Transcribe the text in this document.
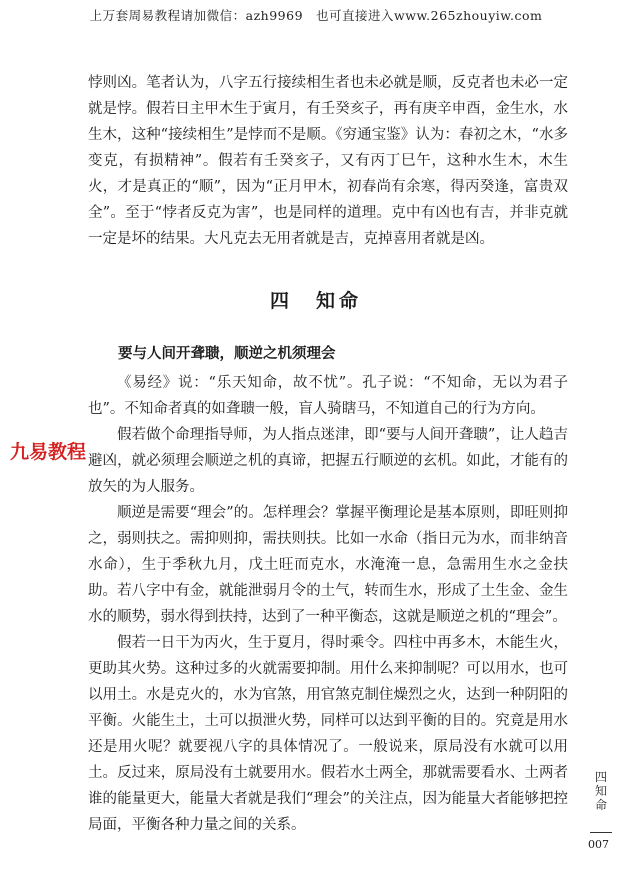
上万套周易教程请加微信：azh9969　也可直接进入www.265zhouyiw.com

悖则凶。笔者认为，八字五行接续相生者也未必就是顺，反克者也未必一定就是悖。假若日主甲木生于寅月，有壬癸亥子，再有庚辛申酉，金生水，水生木，这种“接续相生”是悖而不是顺。《穷通宝鉴》认为：春初之木，“水多变克，有损精神”。假若有壬癸亥子，又有丙丁巳午，这种水生木，木生火，才是真正的“顺”，因为“正月甲木，初春尚有余寒，得丙癸逢，富贵双全”。至于“悖者反克为害”，也是同样的道理。克中有凶也有吉，并非克就一定是坏的结果。大凡克去无用者就是吉，克掉喜用者就是凶。

四　知命
要与人间开聋聩，顺逆之机须理会

《易经》说：“乐天知命，故不忧”。孔子说：“不知命，无以为君子也”。不知命者真的如聋聩一般，盲人骑瞎马，不知道自己的行为方向。

假若做个命理指导师，为人指点迷津，即“要与人间开聋聩”，让人趋吉避凶，就必须理会顺逆之机的真谛，把握五行顺逆的玄机。如此，才能有的放矢的为人服务。

顺逆是需要“理会”的。怎样理会？掌握平衡理论是基本原则，即旺则抑之，弱则扶之。需抑则抑，需扶则扶。比如一水命（指日元为水，而非纳音水命），生于季秋九月，戊土旺而克水，水淹淹一息，急需用生水之金扶助。若八字中有金，就能泄弱月令的土气，转而生水，形成了土生金、金生水的顺势，弱水得到扶持，达到了一种平衡态，这就是顺逆之机的“理会”。

假若一日干为丙火，生于夏月，得时乘令。四柱中再多木，木能生火，更助其火势。这种过多的火就需要抑制。用什么来抑制呢？可以用水，也可以用土。水是克火的，水为官煞，用官煞克制住燥烈之火，达到一种阴阳的平衡。火能生土，土可以损泄火势，同样可以达到平衡的目的。究竟是用水还是用火呢？就要视八字的具体情况了。一般说来，原局没有水就可以用土。反过来，原局没有土就要用水。假若水土两全，那就需要看水、土两者谁的能量更大，能量大者就是我们“理会”的关注点，因为能量大者能够把控局面，平衡各种力量之间的关系。

九易教程
四
知
命
007
